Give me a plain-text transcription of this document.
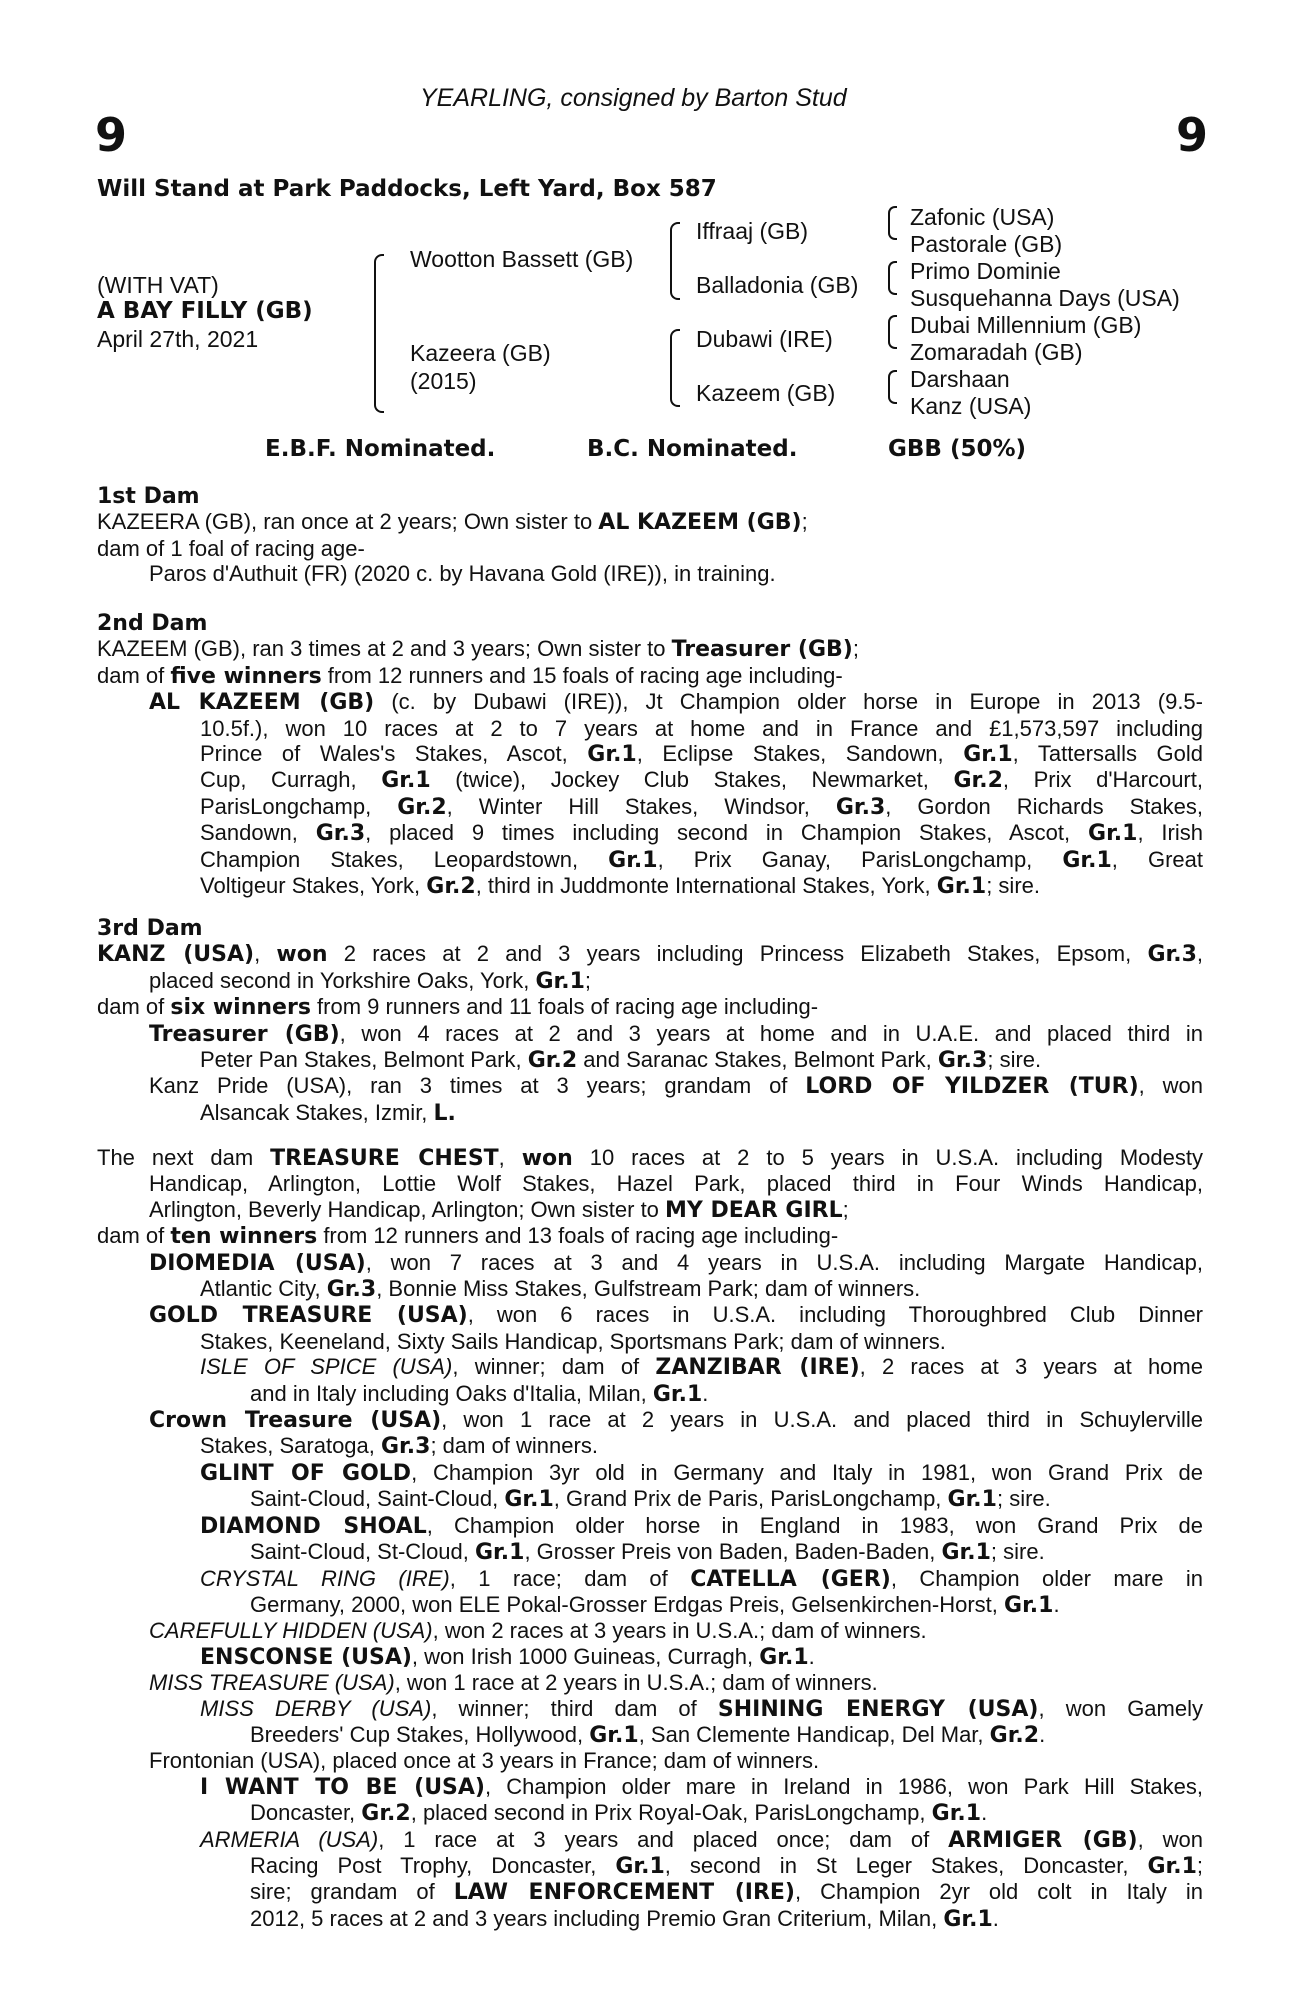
YEARLING, consigned by Barton Stud
9	9
Will Stand at Park Paddocks, Left Yard, Box 587
(WITH VAT)
A BAY FILLY (GB)
April 27th, 2021
Wootton Bassett (GB)
Kazeera (GB)
(2015)
Iffraaj (GB)
Balladonia (GB)
Dubawi (IRE)
Kazeem (GB)
Zafonic (USA)
Pastorale (GB)
Primo Dominie
Susquehanna Days (USA)
Dubai Millennium (GB)
Zomaradah (GB)
Darshaan
Kanz (USA)
E.B.F. Nominated.	B.C. Nominated.	GBB (50%)
1st Dam
KAZEERA (GB), ran once at 2 years; Own sister to AL KAZEEM (GB);
dam of 1 foal of racing age-
Paros d'Authuit (FR) (2020 c. by Havana Gold (IRE)), in training.
2nd Dam
KAZEEM (GB), ran 3 times at 2 and 3 years; Own sister to Treasurer (GB);
dam of five winners from 12 runners and 15 foals of racing age including-
AL KAZEEM (GB) (c. by Dubawi (IRE)), Jt Champion older horse in Europe in 2013 (9.5-
10.5f.), won 10 races at 2 to 7 years at home and in France and £1,573,597 including
Prince of Wales's Stakes, Ascot, Gr.1, Eclipse Stakes, Sandown, Gr.1, Tattersalls Gold
Cup, Curragh, Gr.1 (twice), Jockey Club Stakes, Newmarket, Gr.2, Prix d'Harcourt,
ParisLongchamp, Gr.2, Winter Hill Stakes, Windsor, Gr.3, Gordon Richards Stakes,
Sandown, Gr.3, placed 9 times including second in Champion Stakes, Ascot, Gr.1, Irish
Champion Stakes, Leopardstown, Gr.1, Prix Ganay, ParisLongchamp, Gr.1, Great
Voltigeur Stakes, York, Gr.2, third in Juddmonte International Stakes, York, Gr.1; sire.
3rd Dam
KANZ (USA), won 2 races at 2 and 3 years including Princess Elizabeth Stakes, Epsom, Gr.3,
placed second in Yorkshire Oaks, York, Gr.1;
dam of six winners from 9 runners and 11 foals of racing age including-
Treasurer (GB), won 4 races at 2 and 3 years at home and in U.A.E. and placed third in
Peter Pan Stakes, Belmont Park, Gr.2 and Saranac Stakes, Belmont Park, Gr.3; sire.
Kanz Pride (USA), ran 3 times at 3 years; grandam of LORD OF YILDZER (TUR), won
Alsancak Stakes, Izmir, L.
The next dam TREASURE CHEST, won 10 races at 2 to 5 years in U.S.A. including Modesty
Handicap, Arlington, Lottie Wolf Stakes, Hazel Park, placed third in Four Winds Handicap,
Arlington, Beverly Handicap, Arlington; Own sister to MY DEAR GIRL;
dam of ten winners from 12 runners and 13 foals of racing age including-
DIOMEDIA (USA), won 7 races at 3 and 4 years in U.S.A. including Margate Handicap,
Atlantic City, Gr.3, Bonnie Miss Stakes, Gulfstream Park; dam of winners.
GOLD TREASURE (USA), won 6 races in U.S.A. including Thoroughbred Club Dinner
Stakes, Keeneland, Sixty Sails Handicap, Sportsmans Park; dam of winners.
ISLE OF SPICE (USA), winner; dam of ZANZIBAR (IRE), 2 races at 3 years at home
and in Italy including Oaks d'Italia, Milan, Gr.1.
Crown Treasure (USA), won 1 race at 2 years in U.S.A. and placed third in Schuylerville
Stakes, Saratoga, Gr.3; dam of winners.
GLINT OF GOLD, Champion 3yr old in Germany and Italy in 1981, won Grand Prix de
Saint-Cloud, Saint-Cloud, Gr.1, Grand Prix de Paris, ParisLongchamp, Gr.1; sire.
DIAMOND SHOAL, Champion older horse in England in 1983, won Grand Prix de
Saint-Cloud, St-Cloud, Gr.1, Grosser Preis von Baden, Baden-Baden, Gr.1; sire.
CRYSTAL RING (IRE), 1 race; dam of CATELLA (GER), Champion older mare in
Germany, 2000, won ELE Pokal-Grosser Erdgas Preis, Gelsenkirchen-Horst, Gr.1.
CAREFULLY HIDDEN (USA), won 2 races at 3 years in U.S.A.; dam of winners.
ENSCONSE (USA), won Irish 1000 Guineas, Curragh, Gr.1.
MISS TREASURE (USA), won 1 race at 2 years in U.S.A.; dam of winners.
MISS DERBY (USA), winner; third dam of SHINING ENERGY (USA), won Gamely
Breeders' Cup Stakes, Hollywood, Gr.1, San Clemente Handicap, Del Mar, Gr.2.
Frontonian (USA), placed once at 3 years in France; dam of winners.
I WANT TO BE (USA), Champion older mare in Ireland in 1986, won Park Hill Stakes,
Doncaster, Gr.2, placed second in Prix Royal-Oak, ParisLongchamp, Gr.1.
ARMERIA (USA), 1 race at 3 years and placed once; dam of ARMIGER (GB), won
Racing Post Trophy, Doncaster, Gr.1, second in St Leger Stakes, Doncaster, Gr.1;
sire; grandam of LAW ENFORCEMENT (IRE), Champion 2yr old colt in Italy in
2012, 5 races at 2 and 3 years including Premio Gran Criterium, Milan, Gr.1.
